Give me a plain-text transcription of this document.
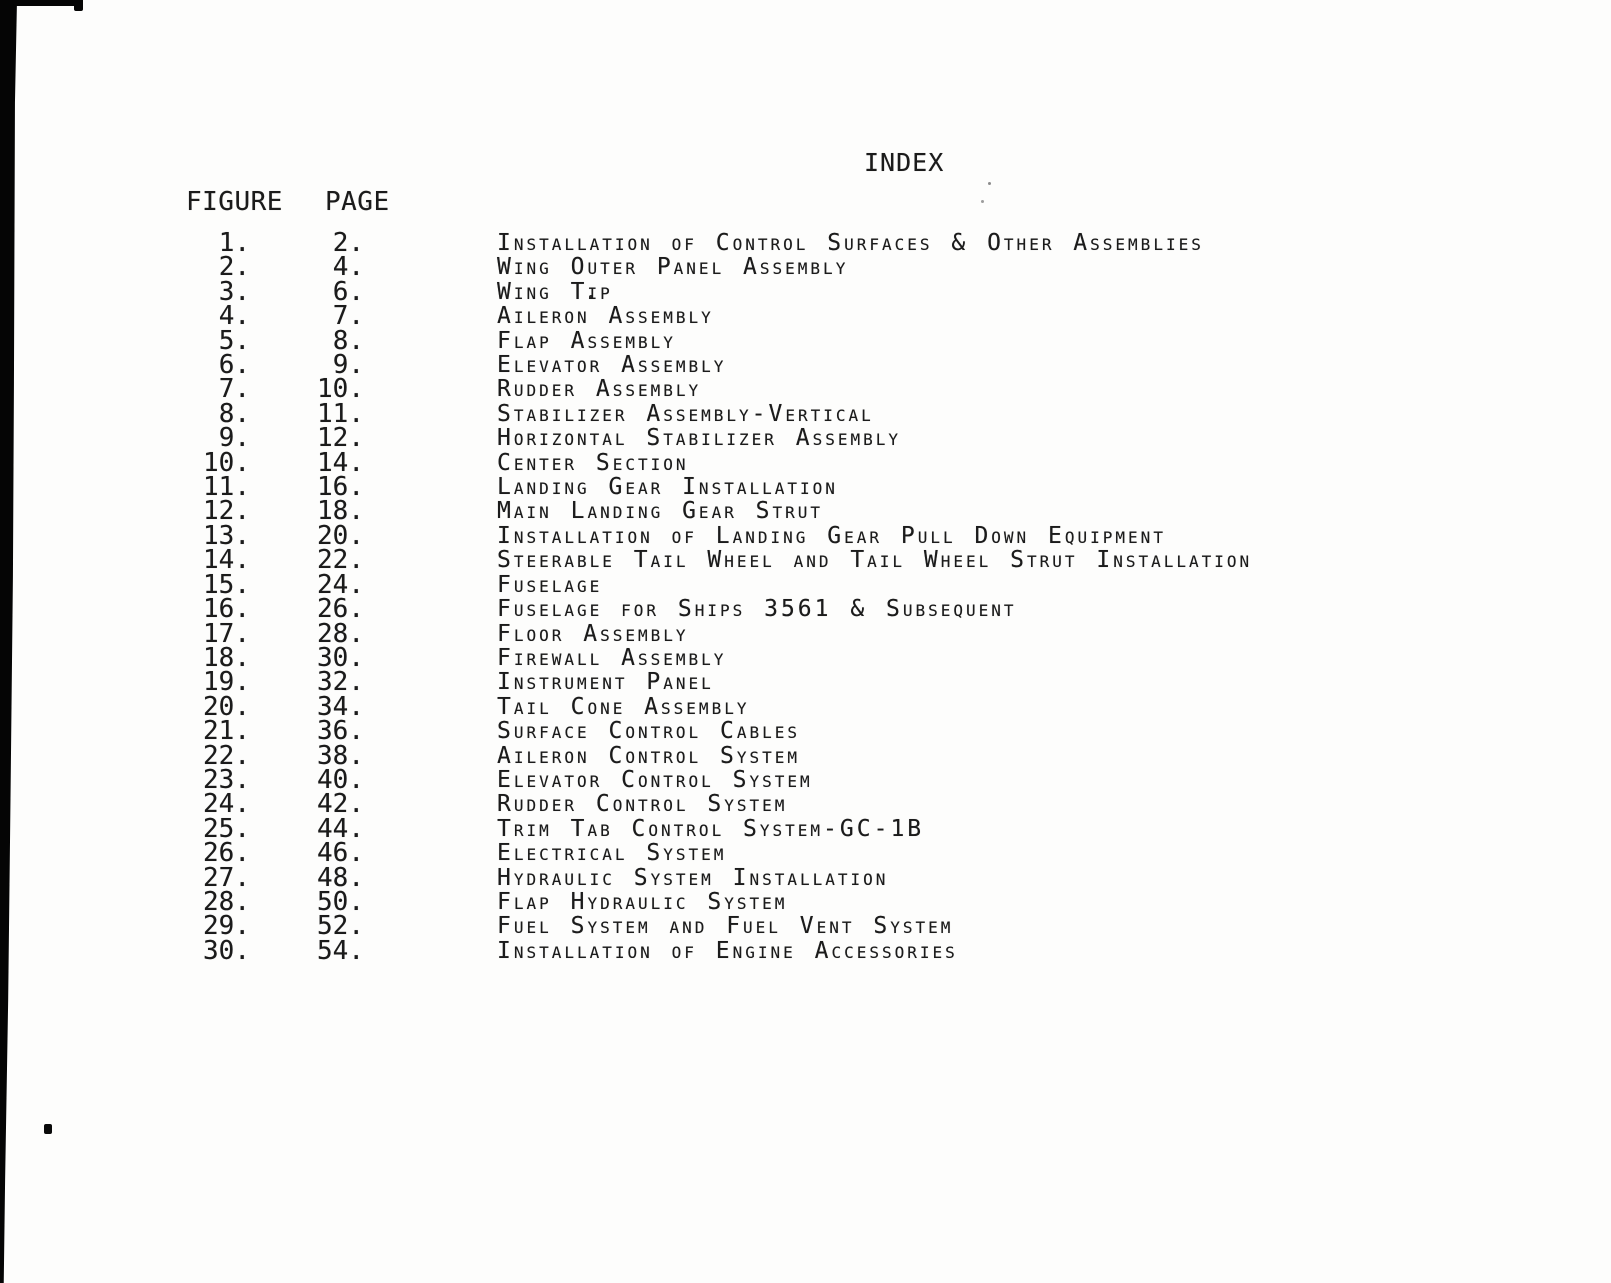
INDEX
FIGURE PAGE
1.	2.	Installation of Control Surfaces & Other Assemblies
2.	4.	Wing Outer Panel Assembly
3.	6.	Wing Tip
4.	7.	Aileron Assembly
5.	8.	Flap Assembly
6.	9.	Elevator Assembly
7.	10.	Rudder Assembly
8.	11.	Stabilizer Assembly-Vertical
9.	12.	Horizontal Stabilizer Assembly
10.	14.	Center Section
11.	16.	Landing Gear Installation
12.	18.	Main Landing Gear Strut
13.	20.	Installation of Landing Gear Pull Down Equipment
14.	22.	Steerable Tail Wheel and Tail Wheel Strut Installation
15.	24.	Fuselage
16.	26.	Fuselage for Ships 3561 & Subsequent
17.	28.	Floor Assembly
18.	30.	Firewall Assembly
19.	32.	Instrument Panel
20.	34.	Tail Cone Assembly
21.	36.	Surface Control Cables
22.	38.	Aileron Control System
23.	40.	Elevator Control System
24.	42.	Rudder Control System
25.	44.	Trim Tab Control System-GC-1B
26.	46.	Electrical System
27.	48.	Hydraulic System Installation
28.	50.	Flap Hydraulic System
29.	52.	Fuel System and Fuel Vent System
30.	54.	Installation of Engine Accessories
